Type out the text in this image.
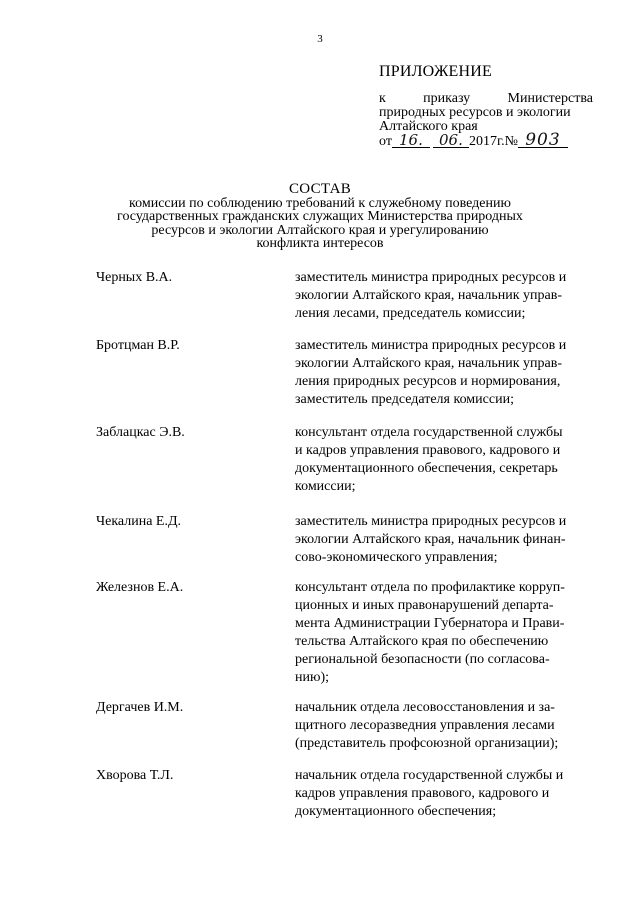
3
ПРИЛОЖЕНИЕ
к	приказу	Министерства
природных ресурсов и экологии
Алтайского края
от 16.	06. 2017г.№ 903
СОСТАВ
комиссии по соблюдению требований к служебному поведению
государственных гражданских служащих Министерства природных
ресурсов и экологии Алтайского края и урегулированию
конфликта интересов
Черных В.А.	заместитель министра природных ресурсов и
экологии Алтайского края, начальник управ-
ления лесами, председатель комиссии;
Бротцман В.Р.	заместитель министра природных ресурсов и
экологии Алтайского края, начальник управ-
ления природных ресурсов и нормирования,
заместитель председателя комиссии;
Заблацкас Э.В.	консультант отдела государственной службы
и кадров управления правового, кадрового и
документационного обеспечения, секретарь
комиссии;
Чекалина Е.Д.	заместитель министра природных ресурсов и
экологии Алтайского края, начальник финан-
сово-экономического управления;
Железнов Е.А.	консультант отдела по профилактике корруп-
ционных и иных правонарушений департа-
мента Администрации Губернатора и Прави-
тельства Алтайского края по обеспечению
региональной безопасности (по согласова-
нию);
Дергачев И.М.	начальник отдела лесовосстановления и за-
щитного лесоразведния управления лесами
(представитель профсоюзной организации);
Хворова Т.Л.	начальник отдела государственной службы и
кадров управления правового, кадрового и
документационного обеспечения;
